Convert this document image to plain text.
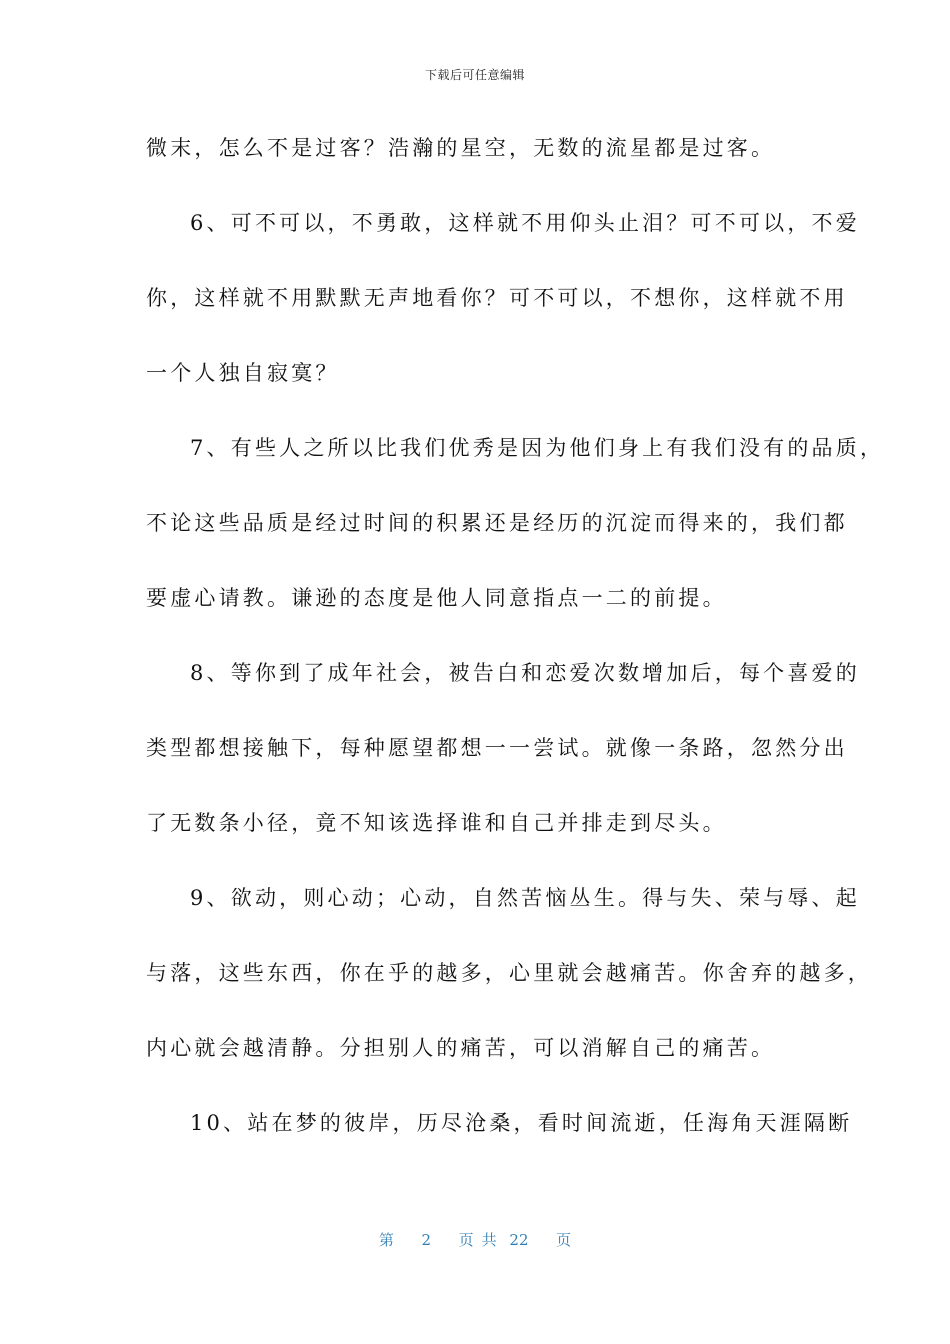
下载后可任意编辑
微末，怎么不是过客？浩瀚的星空，无数的流星都是过客。
6、可不可以，不勇敢，这样就不用仰头止泪？可不可以，不爱
你，这样就不用默默无声地看你？可不可以，不想你，这样就不用
一个人独自寂寞？
7、有些人之所以比我们优秀是因为他们身上有我们没有的品质，
不论这些品质是经过时间的积累还是经历的沉淀而得来的，我们都
要虚心请教。谦逊的态度是他人同意指点一二的前提。
8、等你到了成年社会，被告白和恋爱次数增加后，每个喜爱的
类型都想接触下，每种愿望都想一一尝试。就像一条路，忽然分出
了无数条小径，竟不知该选择谁和自己并排走到尽头。
9、欲动，则心动；心动，自然苦恼丛生。得与失、荣与辱、起
与落，这些东西，你在乎的越多，心里就会越痛苦。你舍弃的越多，
内心就会越清静。分担别人的痛苦，可以消解自己的痛苦。
10、站在梦的彼岸，历尽沧桑，看时间流逝，任海角天涯隔断
第 2 页共 22 页
